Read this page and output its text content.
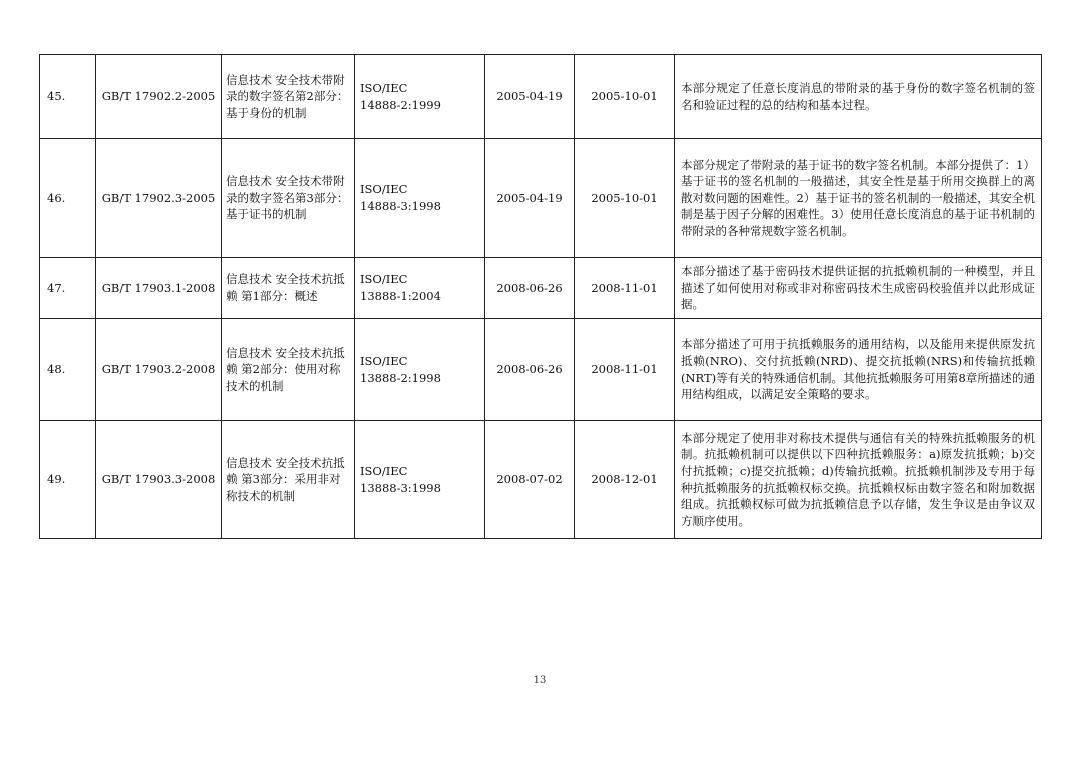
45.	GB/T 17902.2-2005	信息技术 安全技术带附录的数字签名第2部分：基于身份的机制	ISO/IEC
14888-2:1999	2005-04-19	2005-10-01	本部分规定了任意长度消息的带附录的基于身份的数字签名机制的签名和验证过程的总的结构和基本过程。
46.	GB/T 17902.3-2005	信息技术 安全技术带附录的数字签名第3部分：基于证书的机制	ISO/IEC
14888-3:1998	2005-04-19	2005-10-01	本部分规定了带附录的基于证书的数字签名机制。本部分提供了：1）基于证书的签名机制的一般描述，其安全性是基于所用交换群上的离散对数问题的困难性。2）基于证书的签名机制的一般描述，其安全机制是基于因子分解的困难性。3）使用任意长度消息的基于证书机制的带附录的各种常规数字签名机制。
47.	GB/T 17903.1-2008	信息技术 安全技术抗抵赖 第1部分：概述	ISO/IEC
13888-1:2004	2008-06-26	2008-11-01	本部分描述了基于密码技术提供证据的抗抵赖机制的一种模型，并且描述了如何使用对称或非对称密码技术生成密码校验值并以此形成证据。
48.	GB/T 17903.2-2008	信息技术 安全技术抗抵赖 第2部分：使用对称技术的机制	ISO/IEC
13888-2:1998	2008-06-26	2008-11-01	本部分描述了可用于抗抵赖服务的通用结构，以及能用来提供原发抗抵赖(NRO)、交付抗抵赖(NRD)、提交抗抵赖(NRS)和传输抗抵赖(NRT)等有关的特殊通信机制。其他抗抵赖服务可用第8章所描述的通用结构组成，以满足安全策略的要求。
49.	GB/T 17903.3-2008	信息技术 安全技术抗抵赖 第3部分：采用非对称技术的机制	ISO/IEC
13888-3:1998	2008-07-02	2008-12-01	本部分规定了使用非对称技术提供与通信有关的特殊抗抵赖服务的机制。抗抵赖机制可以提供以下四种抗抵赖服务：a)原发抗抵赖；b)交付抗抵赖；c)提交抗抵赖；d)传输抗抵赖。抗抵赖机制涉及专用于每种抗抵赖服务的抗抵赖权标交换。抗抵赖权标由数字签名和附加数据组成。抗抵赖权标可做为抗抵赖信息予以存储，发生争议是由争议双方顺序使用。
13
